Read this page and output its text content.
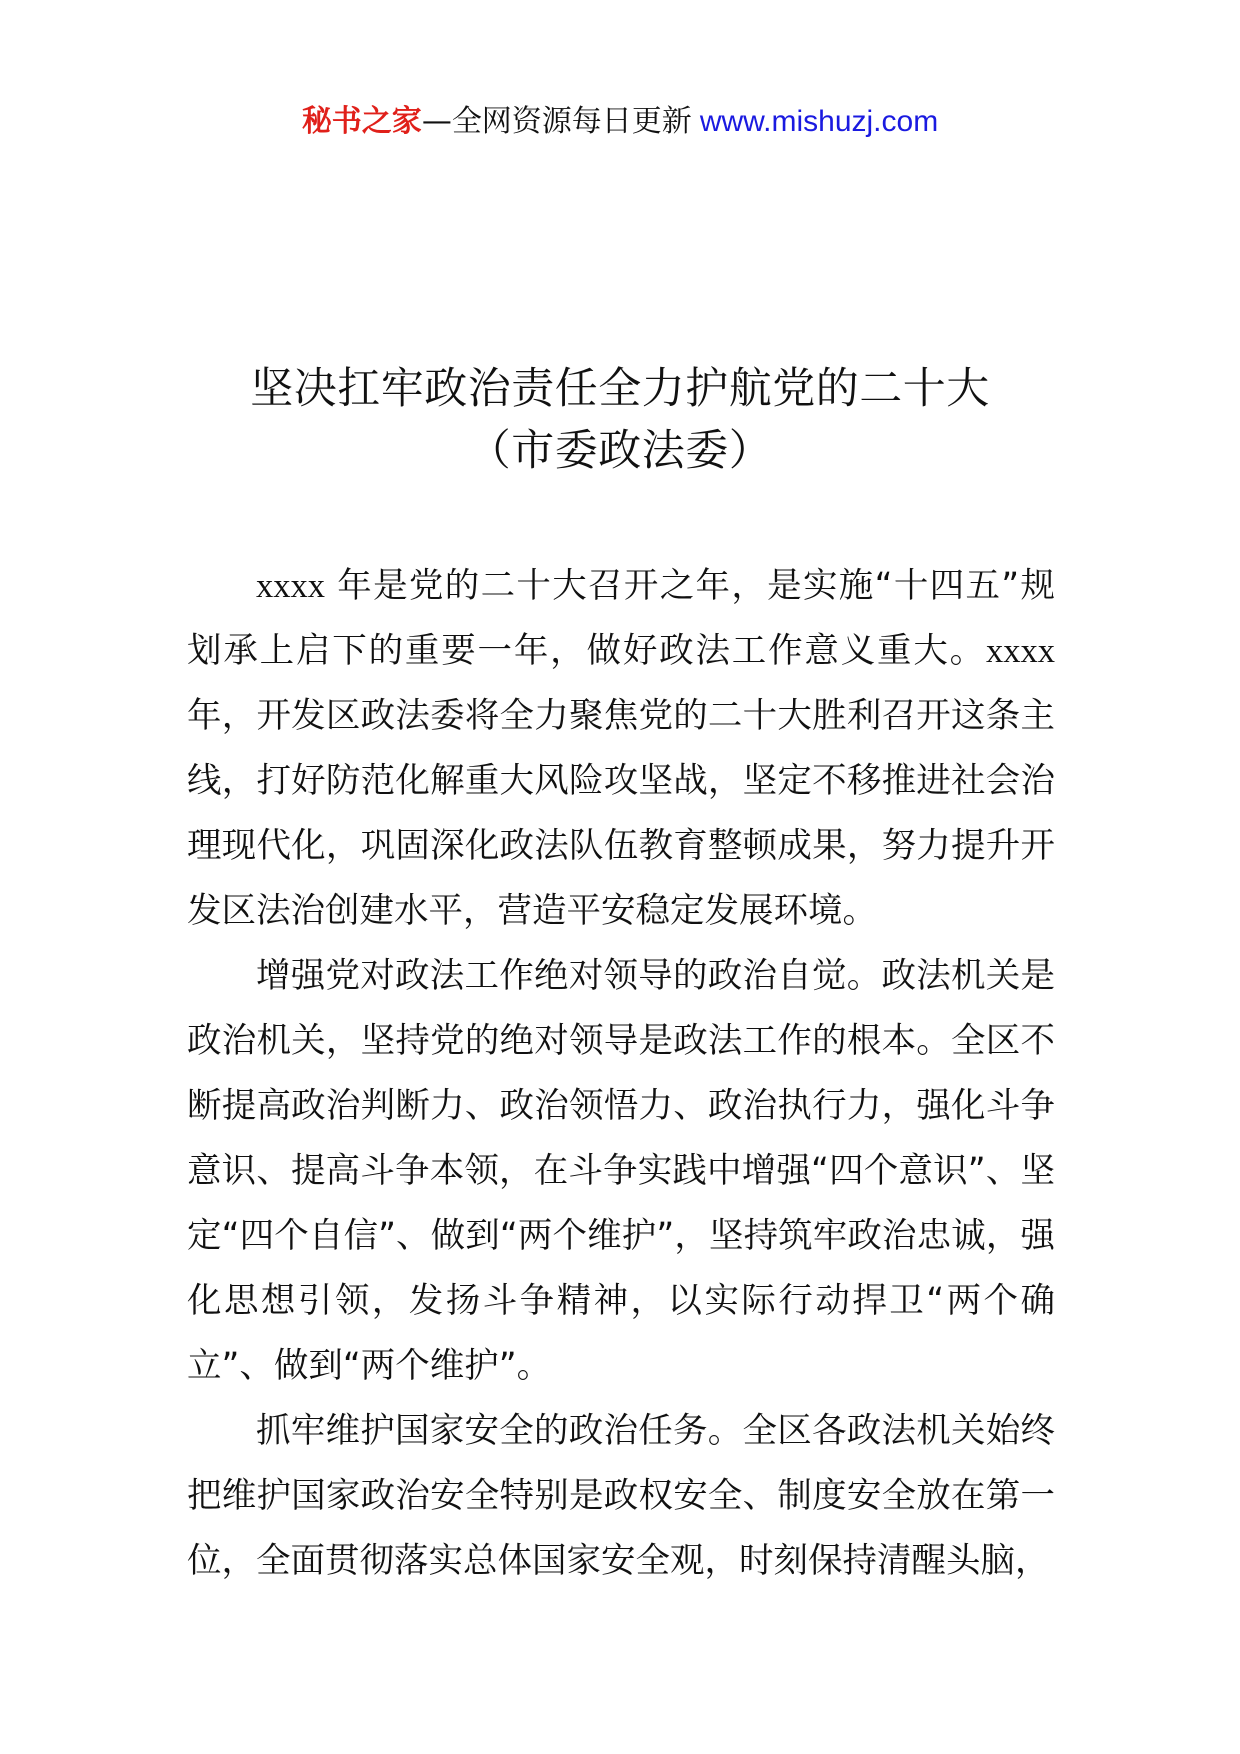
秘书之家—全网资源每日更新 www.mishuzj.com
坚决扛牢政治责任全力护航党的二十大
（市委政法委）

xxxx 年是党的二十大召开之年，是实施“十四五”规划承上启下的重要一年，做好政法工作意义重大。xxxx 年，开发区政法委将全力聚焦党的二十大胜利召开这条主线，打好防范化解重大风险攻坚战，坚定不移推进社会治理现代化，巩固深化政法队伍教育整顿成果，努力提升开发区法治创建水平，营造平安稳定发展环境。

增强党对政法工作绝对领导的政治自觉。政法机关是政治机关，坚持党的绝对领导是政法工作的根本。全区不断提高政治判断力、政治领悟力、政治执行力，强化斗争意识、提高斗争本领，在斗争实践中增强“四个意识”、坚定“四个自信”、做到“两个维护”，坚持筑牢政治忠诚，强化思想引领，发扬斗争精神，以实际行动捍卫“两个确立”、做到“两个维护”。

抓牢维护国家安全的政治任务。全区各政法机关始终把维护国家政治安全特别是政权安全、制度安全放在第一位，全面贯彻落实总体国家安全观，时刻保持清醒头脑，
